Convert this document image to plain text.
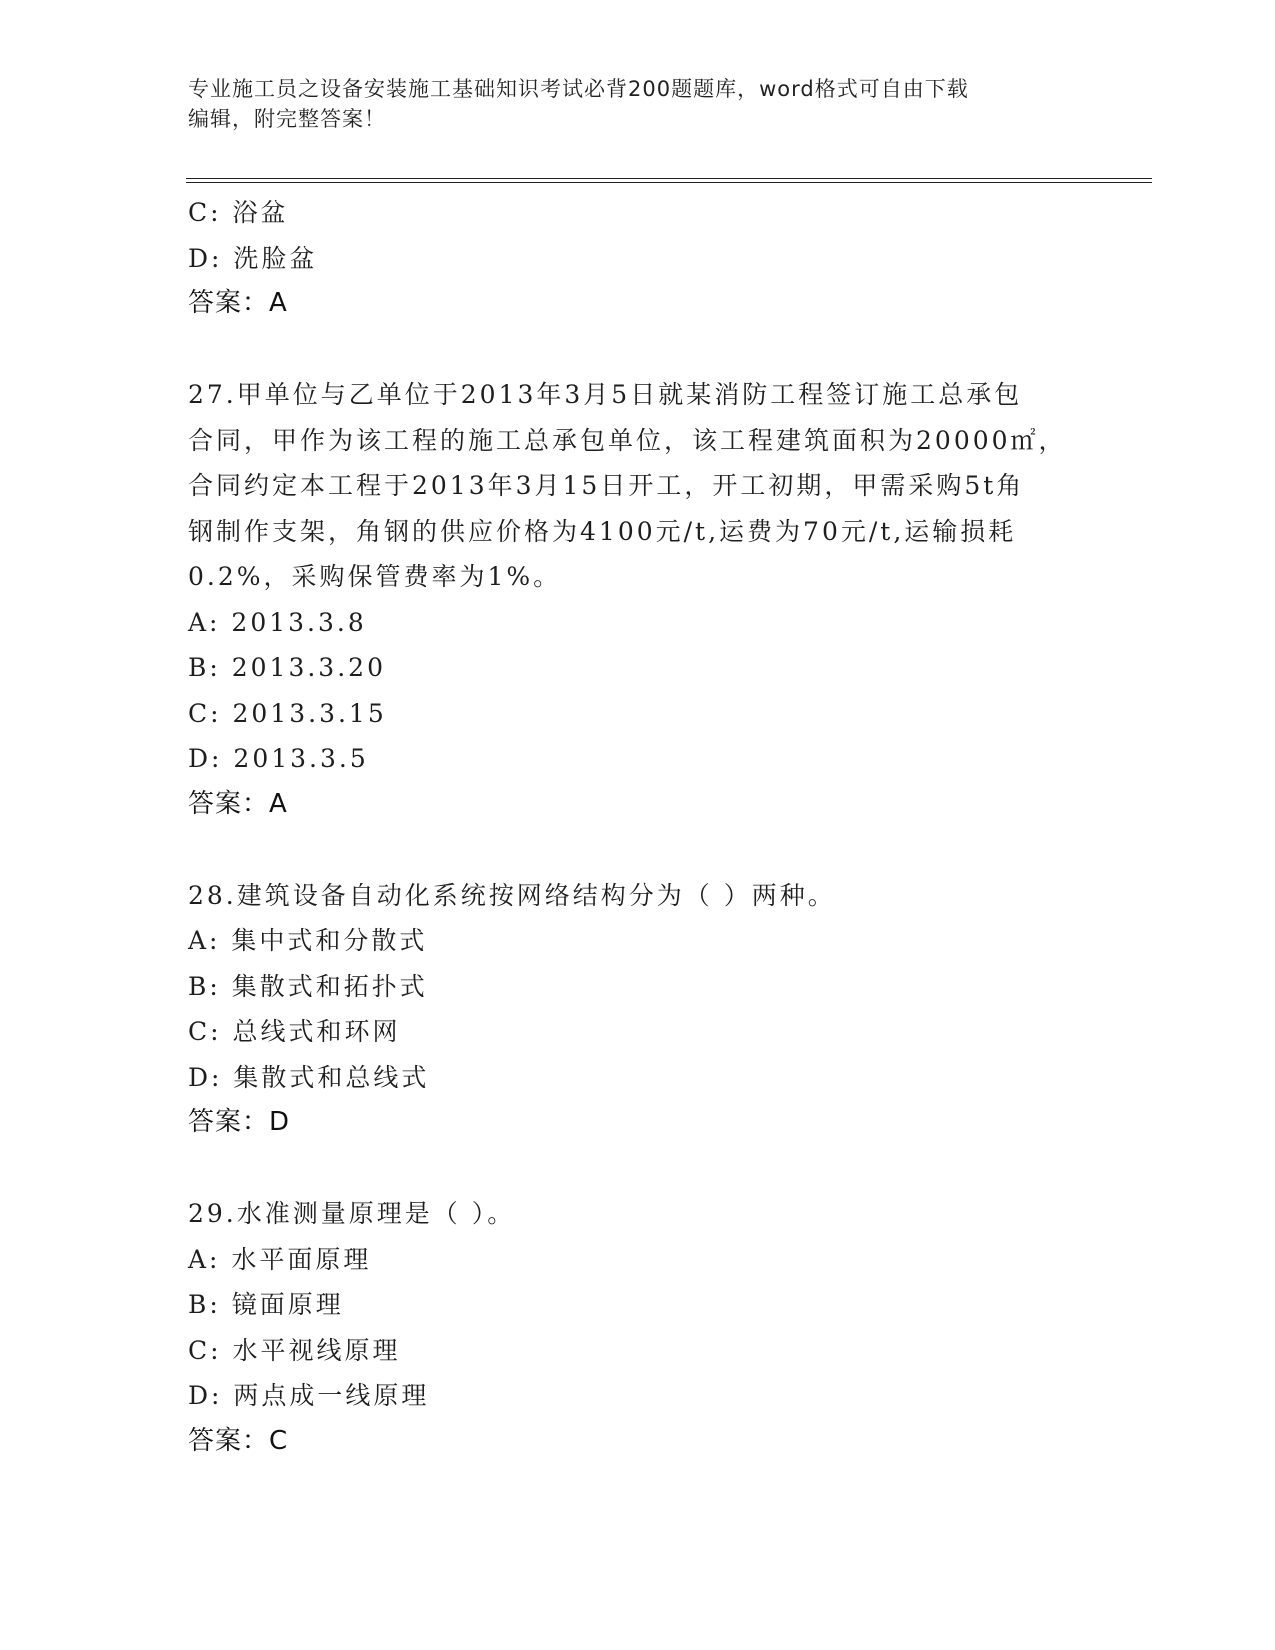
专业施工员之设备安装施工基础知识考试必背200题题库，word格式可自由下载
编辑，附完整答案！
C: 浴盆
D: 洗脸盆
答案：A
27.甲单位与乙单位于2013年3月5日就某消防工程签订施工总承包
合同，甲作为该工程的施工总承包单位，该工程建筑面积为20000㎡，
合同约定本工程于2013年3月15日开工，开工初期，甲需采购5t角
钢制作支架，角钢的供应价格为4100元/t,运费为70元/t,运输损耗
0.2%，采购保管费率为1%。
A: 2013.3.8
B: 2013.3.20
C: 2013.3.15
D: 2013.3.5
答案：A
28.建筑设备自动化系统按网络结构分为（ ）两种。
A: 集中式和分散式
B: 集散式和拓扑式
C: 总线式和环网
D: 集散式和总线式
答案：D
29.水准测量原理是（ ）。
A: 水平面原理
B: 镜面原理
C: 水平视线原理
D: 两点成一线原理
答案：C
